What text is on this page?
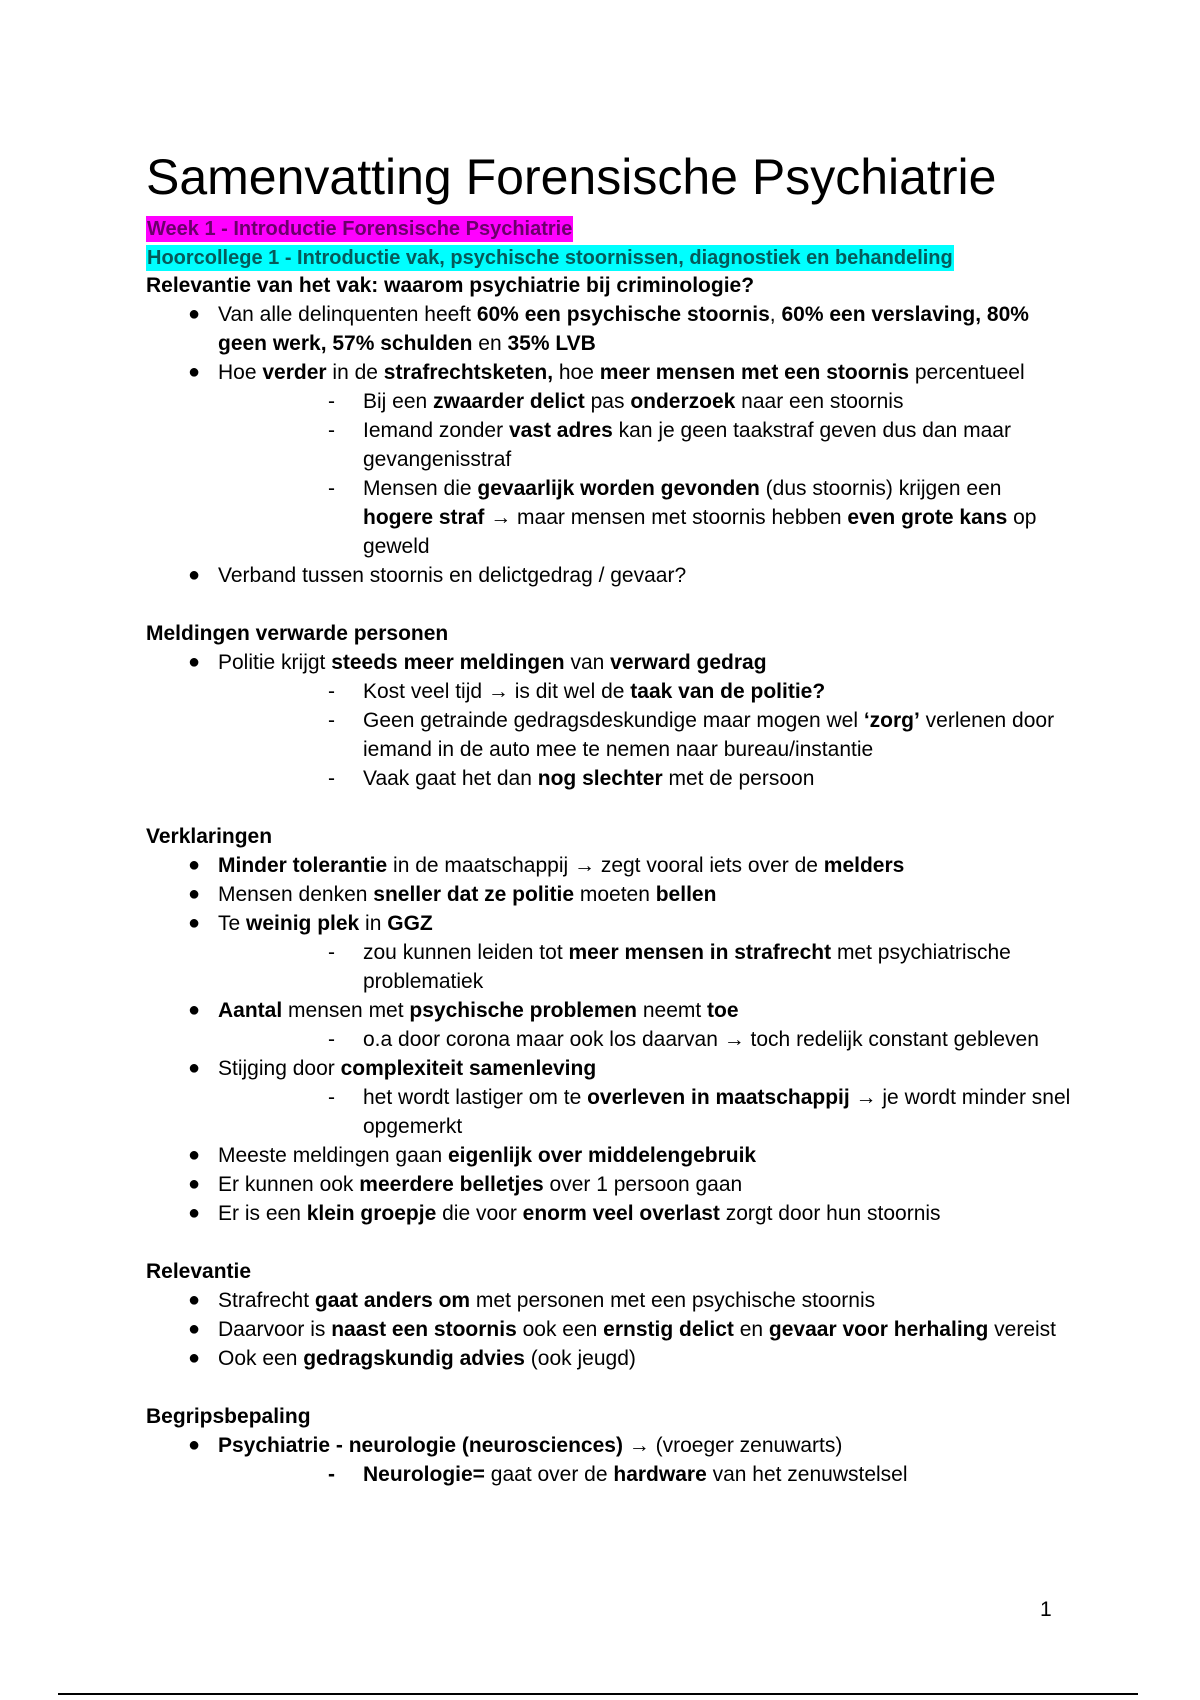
Samenvatting Forensische Psychiatrie
Week 1 - Introductie Forensische Psychiatrie
Hoorcollege 1 - Introductie vak, psychische stoornissen, diagnostiek en behandeling
Relevantie van het vak: waarom psychiatrie bij criminologie?
● Van alle delinquenten heeft 60% een psychische stoornis, 60% een verslaving, 80% geen werk, 57% schulden en 35% LVB
● Hoe verder in de strafrechtsketen, hoe meer mensen met een stoornis percentueel
-	Bij een zwaarder delict pas onderzoek naar een stoornis
-	Iemand zonder vast adres kan je geen taakstraf geven dus dan maar gevangenisstraf
-	Mensen die gevaarlijk worden gevonden (dus stoornis) krijgen een hogere straf → maar mensen met stoornis hebben even grote kans op geweld
● Verband tussen stoornis en delictgedrag / gevaar?
Meldingen verwarde personen
● Politie krijgt steeds meer meldingen van verward gedrag
-	Kost veel tijd → is dit wel de taak van de politie?
-	Geen getrainde gedragsdeskundige maar mogen wel ‘zorg’ verlenen door iemand in de auto mee te nemen naar bureau/instantie
-	Vaak gaat het dan nog slechter met de persoon
Verklaringen
● Minder tolerantie in de maatschappij → zegt vooral iets over de melders
● Mensen denken sneller dat ze politie moeten bellen
● Te weinig plek in GGZ
-	zou kunnen leiden tot meer mensen in strafrecht met psychiatrische problematiek
● Aantal mensen met psychische problemen neemt toe
-	o.a door corona maar ook los daarvan → toch redelijk constant gebleven
● Stijging door complexiteit samenleving
-	het wordt lastiger om te overleven in maatschappij → je wordt minder snel opgemerkt
● Meeste meldingen gaan eigenlijk over middelengebruik
● Er kunnen ook meerdere belletjes over 1 persoon gaan
● Er is een klein groepje die voor enorm veel overlast zorgt door hun stoornis
Relevantie
● Strafrecht gaat anders om met personen met een psychische stoornis
● Daarvoor is naast een stoornis ook een ernstig delict en gevaar voor herhaling vereist
● Ook een gedragskundig advies (ook jeugd)
Begripsbepaling
● Psychiatrie - neurologie (neurosciences) → (vroeger zenuwarts)
-	Neurologie= gaat over de hardware van het zenuwstelsel
1
